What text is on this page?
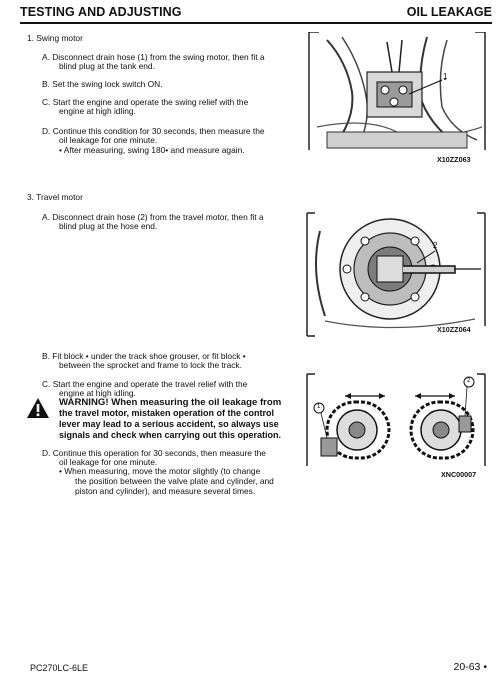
TESTING AND ADJUSTING	OIL LEAKAGE
1. Swing motor
A. Disconnect drain hose (1) from the swing motor, then fit a
blind plug at the tank end.
B. Set the swing lock switch ON.
C. Start the engine and operate the swing relief with the
engine at high idling.
D. Continue this condition for 30 seconds, then measure the
oil leakage for one minute.
• After measuring, swing 180• and measure again.
1
X10ZZ063
3. Travel motor
A. Disconnect drain hose (2) from the travel motor, then fit a
blind plug at the hose end.
2
X10ZZ064
B. Fit block • under the track shoe grouser, or fit block •
between the sprocket and frame to lock the track.
C. Start the engine and operate the travel relief with the
engine at high idling.
WARNING! When measuring the oil leakage from
the travel motor, mistaken operation of the control
lever may lead to a serious accident, so always use
signals and check when carrying out this operation.
D. Continue this operation for 30 seconds, then measure the
oil leakage for one minute.
• When measuring, move the motor slightly (to change
the position between the valve plate and cylinder, and
piston and cylinder), and measure several times.
1
2
XNC00007
PC270LC-6LE	20-63 •
